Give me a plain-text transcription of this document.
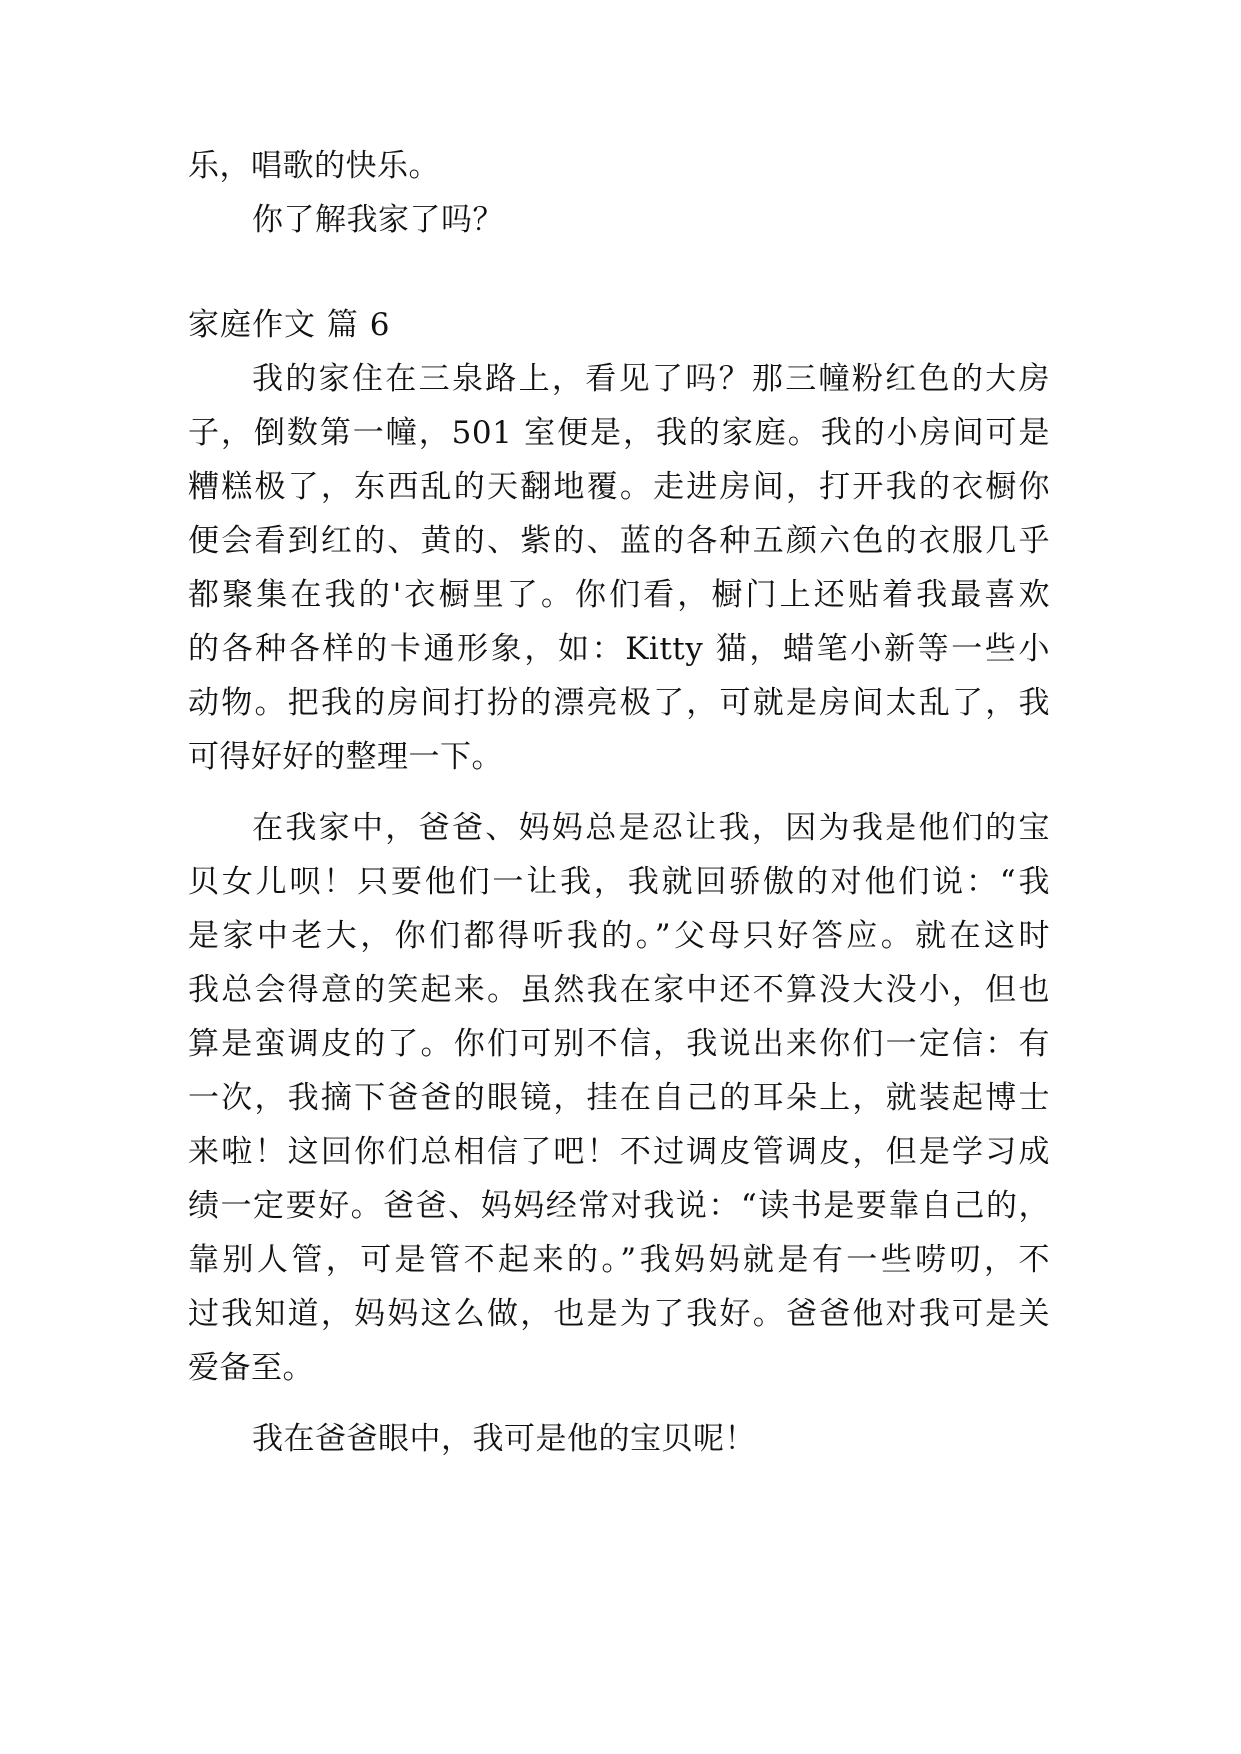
乐，唱歌的快乐。
你了解我家了吗？
家庭作文 篇 6
我的家住在三泉路上，看见了吗？那三幢粉红色的大房
子，倒数第一幢，501 室便是，我的家庭。我的小房间可是
糟糕极了，东西乱的天翻地覆。走进房间，打开我的衣橱你
便会看到红的、黄的、紫的、蓝的各种五颜六色的衣服几乎
都聚集在我的'衣橱里了。你们看，橱门上还贴着我最喜欢
的各种各样的卡通形象，如：Kitty 猫，蜡笔小新等一些小
动物。把我的房间打扮的漂亮极了，可就是房间太乱了，我
可得好好的整理一下。
在我家中，爸爸、妈妈总是忍让我，因为我是他们的宝
贝女儿呗！只要他们一让我，我就回骄傲的对他们说：“我
是家中老大，你们都得听我的。”父母只好答应。就在这时
我总会得意的笑起来。虽然我在家中还不算没大没小，但也
算是蛮调皮的了。你们可别不信，我说出来你们一定信：有
一次，我摘下爸爸的眼镜，挂在自己的耳朵上，就装起博士
来啦！这回你们总相信了吧！不过调皮管调皮，但是学习成
绩一定要好。爸爸、妈妈经常对我说：“读书是要靠自己的，
靠别人管，可是管不起来的。”我妈妈就是有一些唠叨，不
过我知道，妈妈这么做，也是为了我好。爸爸他对我可是关
爱备至。
我在爸爸眼中，我可是他的宝贝呢！
